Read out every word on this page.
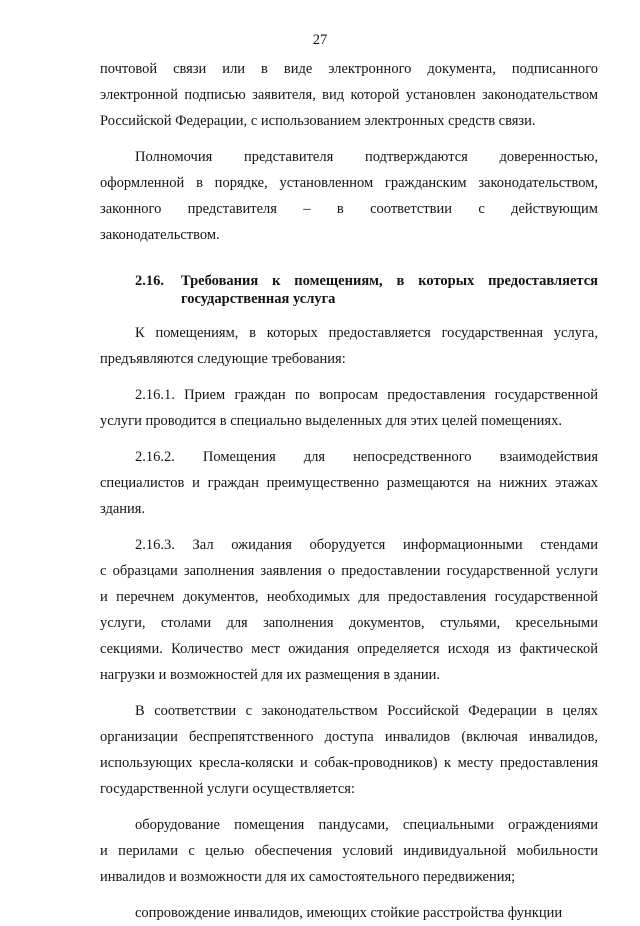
27
почтовой связи или в виде электронного документа, подписанного
электронной подписью заявителя, вид которой установлен законодательством
Российской Федерации, с использованием электронных средств связи.
Полномочия представителя подтверждаются доверенностью,
оформленной в порядке, установленном гражданским законодательством,
законного представителя – в соответствии с действующим
законодательством.
2.16.	Требования к помещениям, в которых предоставляется
государственная услуга
К помещениям, в которых предоставляется государственная услуга,
предъявляются следующие требования:
2.16.1. Прием граждан по вопросам предоставления государственной
услуги проводится в специально выделенных для этих целей помещениях.
2.16.2. Помещения для непосредственного взаимодействия
специалистов и граждан преимущественно размещаются на нижних этажах
здания.
2.16.3. Зал ожидания оборудуется информационными стендами
с образцами заполнения заявления о предоставлении государственной услуги
и перечнем документов, необходимых для предоставления государственной
услуги, столами для заполнения документов, стульями, кресельными
секциями. Количество мест ожидания определяется исходя из фактической
нагрузки и возможностей для их размещения в здании.
В соответствии с законодательством Российской Федерации в целях
организации беспрепятственного доступа инвалидов (включая инвалидов,
использующих кресла-коляски и собак-проводников) к месту предоставления
государственной услуги осуществляется:
оборудование помещения пандусами, специальными ограждениями
и перилами с целью обеспечения условий индивидуальной мобильности
инвалидов и возможности для их самостоятельного передвижения;
сопровождение инвалидов, имеющих стойкие расстройства функции
